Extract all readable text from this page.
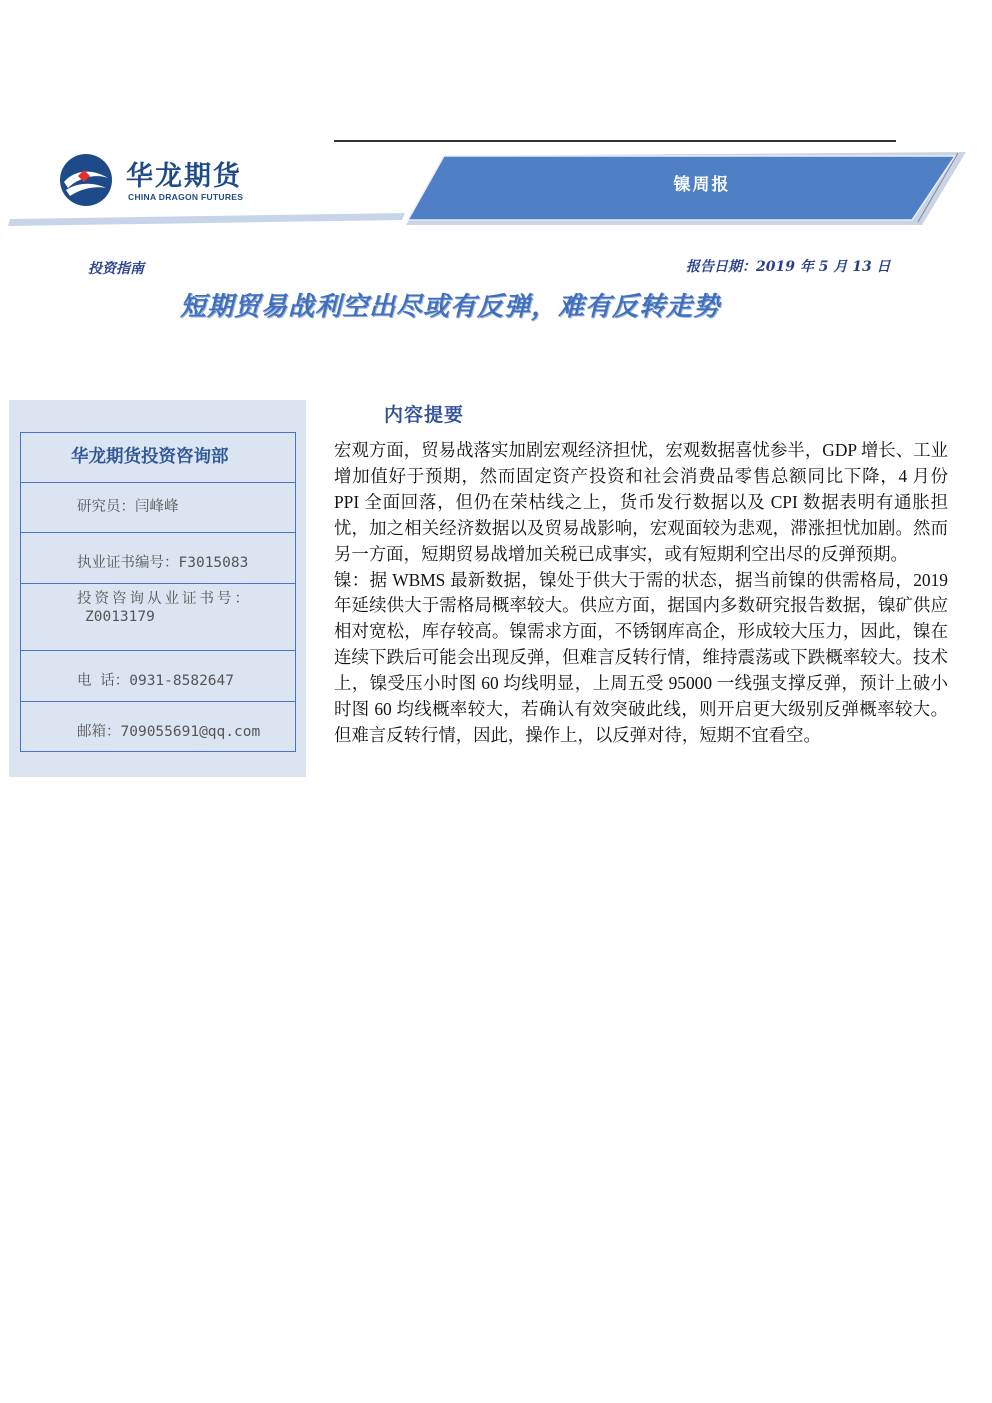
华龙期货
CHINA DRAGON FUTURES
镍周报
投资指南	报告日期：2019 年 5 月 13 日
短期贸易战利空出尽或有反弹，难有反转走势
华龙期货投资咨询部
研究员：闫峰峰
执业证书编号：F3015083
投资咨询从业证书号：
Z0013179
电 话：0931-8582647
邮箱：709055691@qq.com
内容提要

宏观方面，贸易战落实加剧宏观经济担忧，宏观数据喜忧参半，GDP 增长、工业增加值好于预期，然而固定资产投资和社会消费品零售总额同比下降，4 月份 PPI 全面回落，但仍在荣枯线之上，货币发行数据以及 CPI 数据表明有通胀担忧，加之相关经济数据以及贸易战影响，宏观面较为悲观，滞涨担忧加剧。然而另一方面，短期贸易战增加关税已成事实，或有短期利空出尽的反弹预期。

镍：据 WBMS 最新数据，镍处于供大于需的状态，据当前镍的供需格局，2019 年延续供大于需格局概率较大。供应方面，据国内多数研究报告数据，镍矿供应相对宽松，库存较高。镍需求方面，不锈钢库高企，形成较大压力，因此，镍在连续下跌后可能会出现反弹，但难言反转行情，维持震荡或下跌概率较大。技术上，镍受压小时图 60 均线明显，上周五受 95000 一线强支撑反弹，预计上破小时图 60 均线概率较大，若确认有效突破此线，则开启更大级别反弹概率较大。但难言反转行情，因此，操作上，以反弹对待，短期不宜看空。
